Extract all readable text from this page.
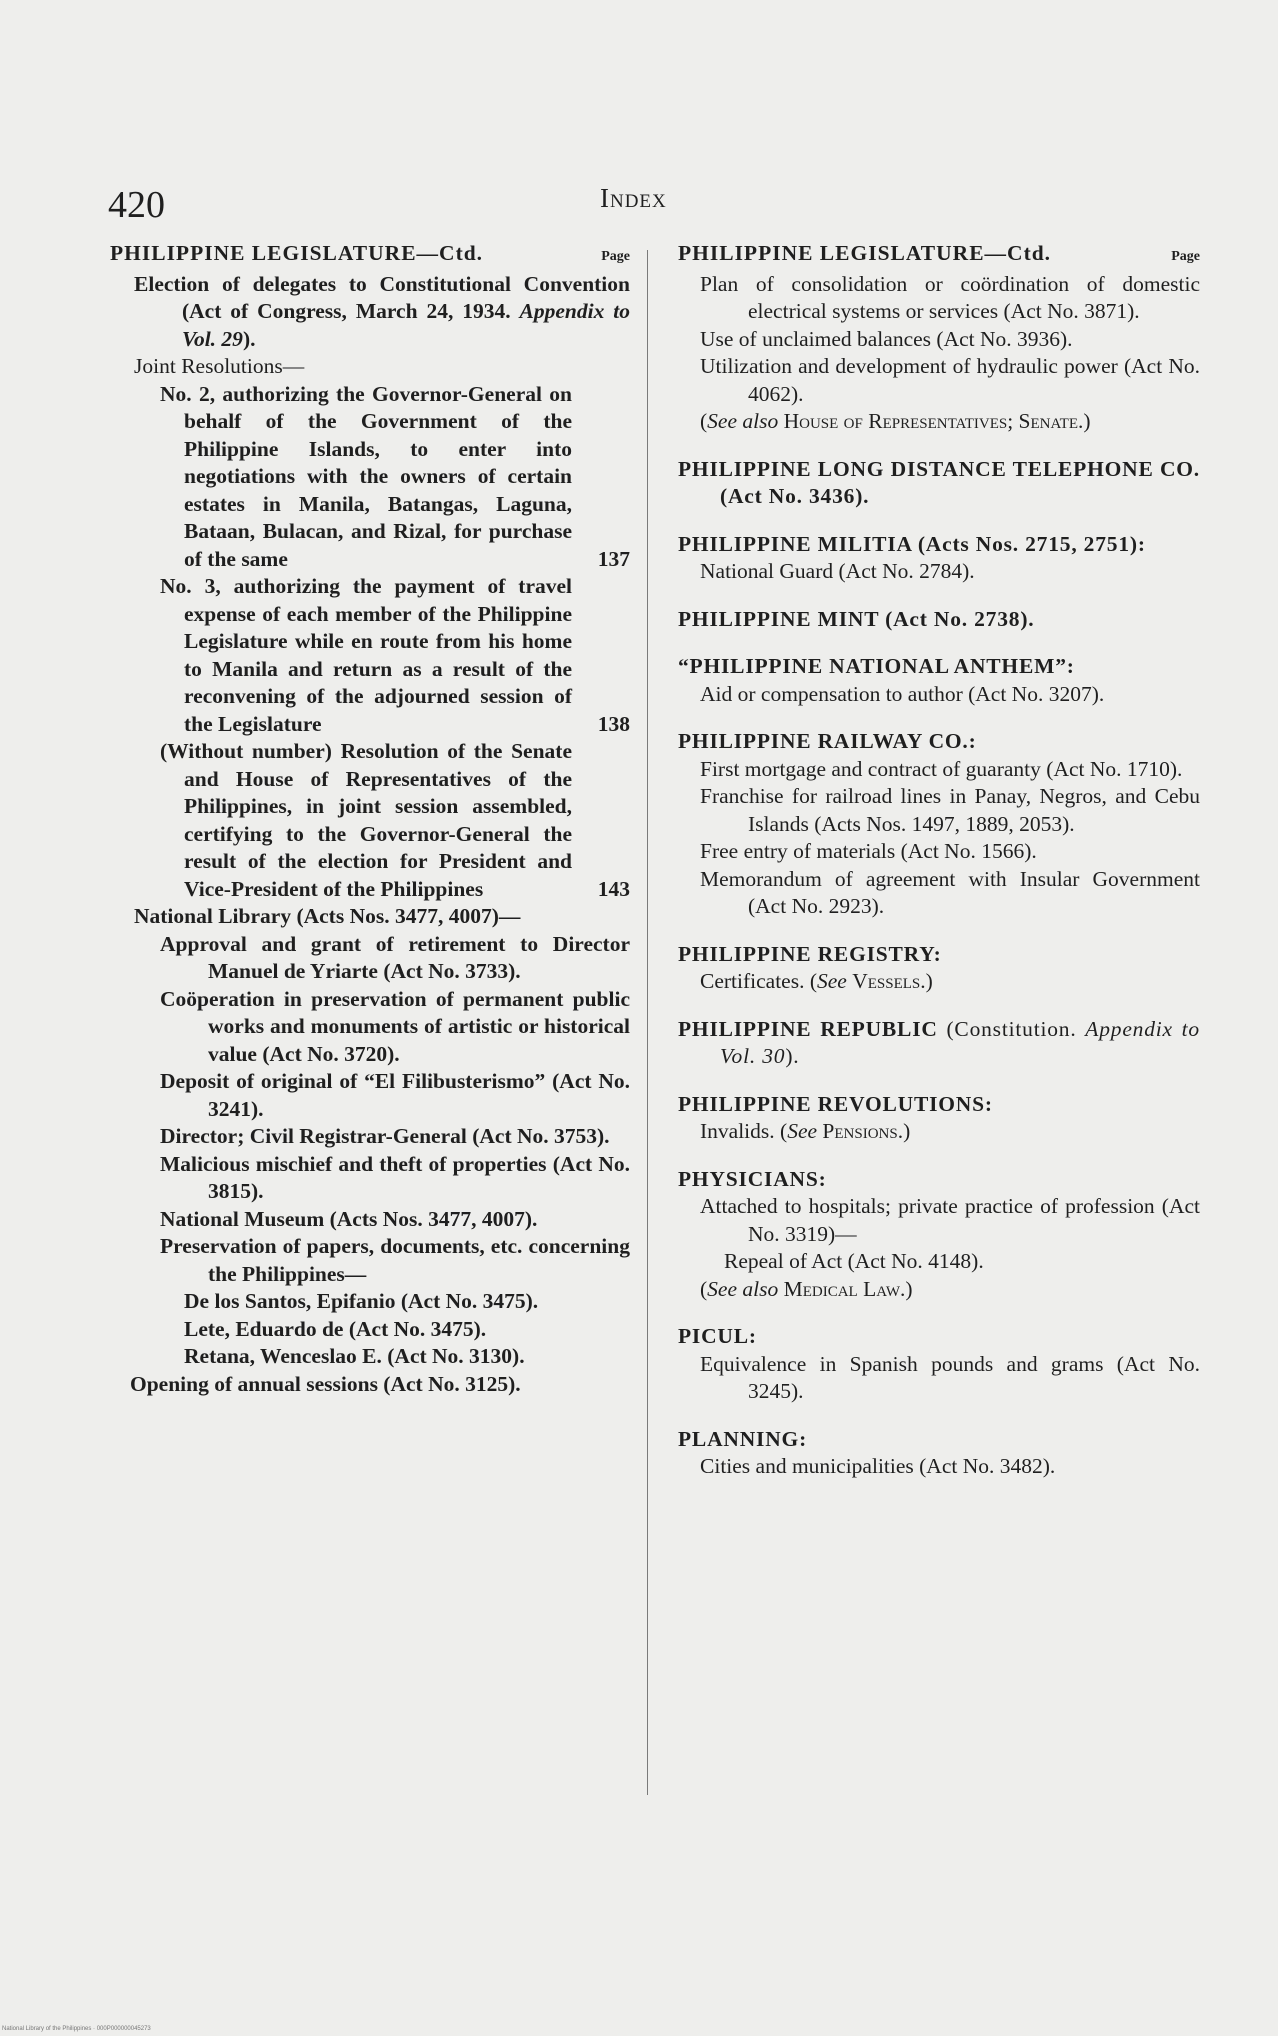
420	Index
PHILIPPINE LEGISLATURE—Ctd.	Page
Election of delegates to Constitutional Convention (Act of Congress, March 24, 1934. Appendix to Vol. 29).
Joint Resolutions—
No. 2, authorizing the Governor-General on behalf of the Government of the Philippine Islands, to enter into negotiations with the owners of certain estates in Manila, Batangas, Laguna, Bataan, Bulacan, and Rizal, for purchase of the same	137
No. 3, authorizing the payment of travel expense of each member of the Philippine Legislature while en route from his home to Manila and return as a result of the reconvening of the adjourned session of the Legislature	138
(Without number) Resolution of the Senate and House of Representatives of the Philippines, in joint session assembled, certifying to the Governor-General the result of the election for President and Vice-President of the Philippines	143
National Library (Acts Nos. 3477, 4007)—
Approval and grant of retirement to Director Manuel de Yriarte (Act No. 3733).
Coöperation in preservation of permanent public works and monuments of artistic or historical value (Act No. 3720).
Deposit of original of “El Filibusterismo” (Act No. 3241).
Director; Civil Registrar-General (Act No. 3753).
Malicious mischief and theft of properties (Act No. 3815).
National Museum (Acts Nos. 3477, 4007).
Preservation of papers, documents, etc. concerning the Philippines—
De los Santos, Epifanio (Act No. 3475).
Lete, Eduardo de (Act No. 3475).
Retana, Wenceslao E. (Act No. 3130).
Opening of annual sessions (Act No. 3125).
PHILIPPINE LEGISLATURE—Ctd.	Page
Plan of consolidation or coördination of domestic electrical systems or services (Act No. 3871).
Use of unclaimed balances (Act No. 3936).
Utilization and development of hydraulic power (Act No. 4062).
(See also House of Representatives; Senate.)
PHILIPPINE LONG DISTANCE TELEPHONE CO. (Act No. 3436).
PHILIPPINE MILITIA (Acts Nos. 2715, 2751):
National Guard (Act No. 2784).
PHILIPPINE MINT (Act No. 2738).
“PHILIPPINE NATIONAL ANTHEM”:
Aid or compensation to author (Act No. 3207).
PHILIPPINE RAILWAY CO.:
First mortgage and contract of guaranty (Act No. 1710).
Franchise for railroad lines in Panay, Negros, and Cebu Islands (Acts Nos. 1497, 1889, 2053).
Free entry of materials (Act No. 1566).
Memorandum of agreement with Insular Government (Act No. 2923).
PHILIPPINE REGISTRY:
Certificates. (See Vessels.)
PHILIPPINE REPUBLIC (Constitution. Appendix to Vol. 30).
PHILIPPINE REVOLUTIONS:
Invalids. (See Pensions.)
PHYSICIANS:
Attached to hospitals; private practice of profession (Act No. 3319)—
Repeal of Act (Act No. 4148).
(See also Medical Law.)
PICUL:
Equivalence in Spanish pounds and grams (Act No. 3245).
PLANNING:
Cities and municipalities (Act No. 3482).
National Library of the Philippines · 000P000000045273
